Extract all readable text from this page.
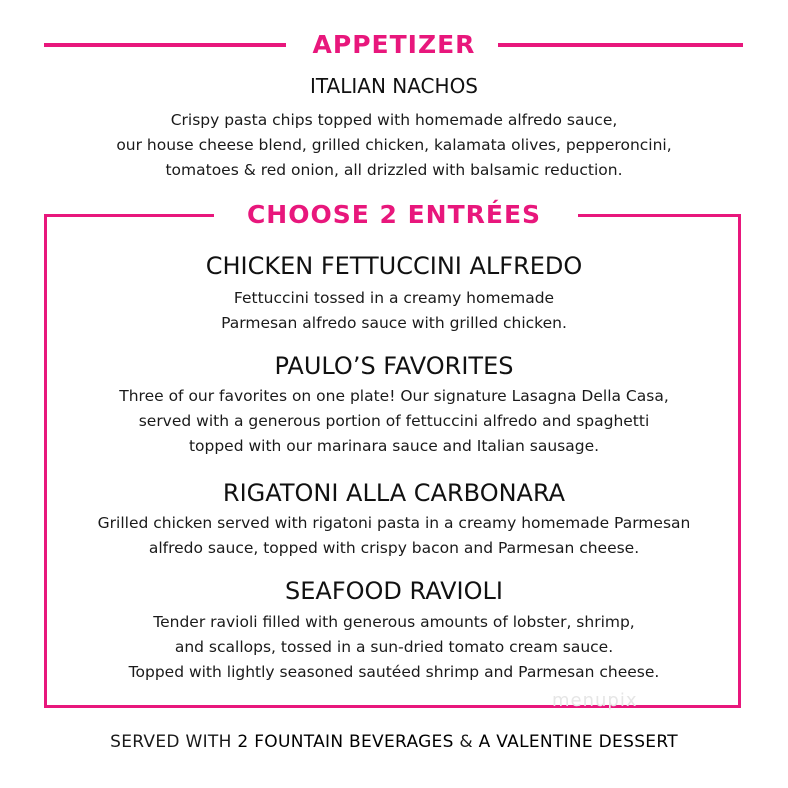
APPETIZER
ITALIAN NACHOS
Crispy pasta chips topped with homemade alfredo sauce,
our house cheese blend, grilled chicken, kalamata olives, pepperoncini,
tomatoes & red onion, all drizzled with balsamic reduction.
CHOOSE 2 ENTRÉES
CHICKEN FETTUCCINI ALFREDO
Fettuccini tossed in a creamy homemade
Parmesan alfredo sauce with grilled chicken.
PAULO’S FAVORITES
Three of our favorites on one plate! Our signature Lasagna Della Casa,
served with a generous portion of fettuccini alfredo and spaghetti
topped with our marinara sauce and Italian sausage.
RIGATONI ALLA CARBONARA
Grilled chicken served with rigatoni pasta in a creamy homemade Parmesan
alfredo sauce, topped with crispy bacon and Parmesan cheese.
SEAFOOD RAVIOLI
Tender ravioli filled with generous amounts of lobster, shrimp,
and scallops, tossed in a sun-dried tomato cream sauce.
Topped with lightly seasoned sautéed shrimp and Parmesan cheese.
menupix
SERVED WITH 2 FOUNTAIN BEVERAGES & A VALENTINE DESSERT
